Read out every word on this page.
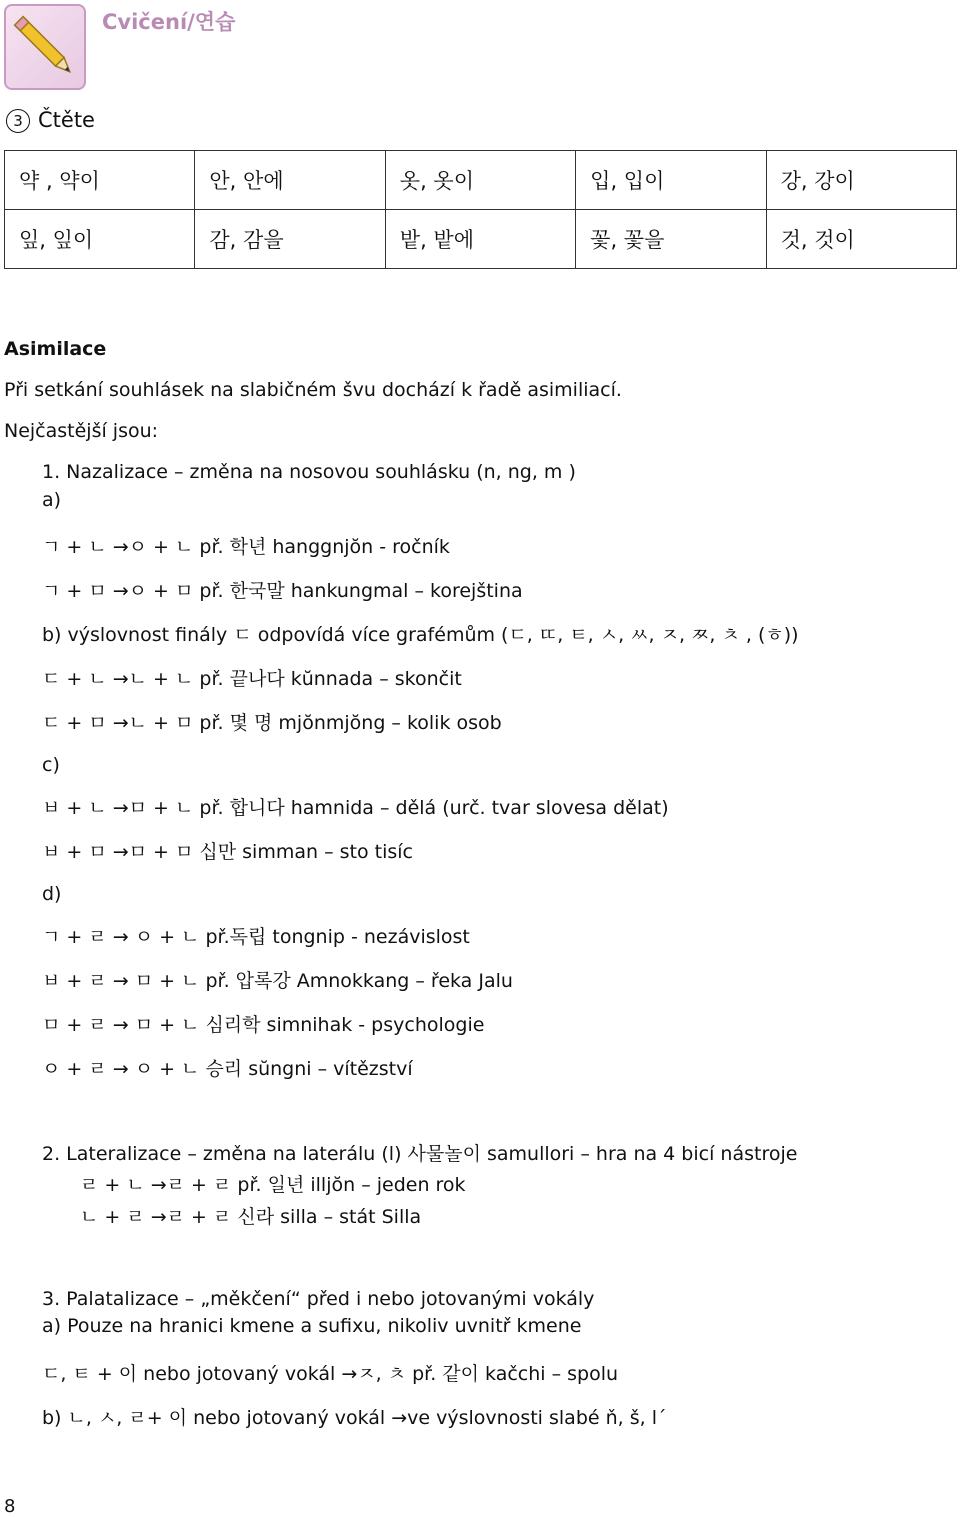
Cvičení/연습
3 Čtěte
약 , 약이	안, 안에	옷, 옷이	입, 입이	강, 강이
잎, 잎이	감, 감을	밭, 밭에	꽃, 꽃을	것, 것이
Asimilace
Při setkání souhlásek na slabičném švu dochází k řadě asimiliací.
Nejčastější jsou:
1. Nazalizace – změna na nosovou souhlásku (n, ng, m )
a)
ㄱ + ㄴ →ㅇ + ㄴ př. 학년 hanggnjŏn - ročník
ㄱ + ㅁ →ㅇ + ㅁ př. 한국말 hankungmal – korejština
b) výslovnost finály ㄷ odpovídá více grafémům (ㄷ, ㄸ, ㅌ, ㅅ, ㅆ, ㅈ, ㅉ, ㅊ , (ㅎ))
ㄷ + ㄴ →ㄴ + ㄴ př. 끝나다 kŭnnada – skončit
ㄷ + ㅁ →ㄴ + ㅁ př. 몇 명 mjŏnmjŏng – kolik osob
c)
ㅂ + ㄴ →ㅁ + ㄴ př. 합니다 hamnida – dělá (urč. tvar slovesa dělat)
ㅂ + ㅁ →ㅁ + ㅁ 십만 simman – sto tisíc
d)
ㄱ + ㄹ → ㅇ + ㄴ př.독립 tongnip - nezávislost
ㅂ + ㄹ → ㅁ + ㄴ př. 압록강 Amnokkang – řeka Jalu
ㅁ + ㄹ → ㅁ + ㄴ 심리학 simnihak - psychologie
ㅇ + ㄹ → ㅇ + ㄴ 승리 sŭngni – vítězství
2. Lateralizace – změna na laterálu (l) 사물놀이 samullori – hra na 4 bicí nástroje
ㄹ + ㄴ →ㄹ + ㄹ př. 일년 illjŏn – jeden rok
ㄴ + ㄹ →ㄹ + ㄹ 신라 silla – stát Silla
3. Palatalizace – „měkčení“ před i nebo jotovanými vokály
a) Pouze na hranici kmene a sufixu, nikoliv uvnitř kmene
ㄷ, ㅌ + 이 nebo jotovaný vokál →ㅈ, ㅊ př. 같이 kačchi – spolu
b) ㄴ, ㅅ, ㄹ+ 이 nebo jotovaný vokál →ve výslovnosti slabé ň, š, l´
8
